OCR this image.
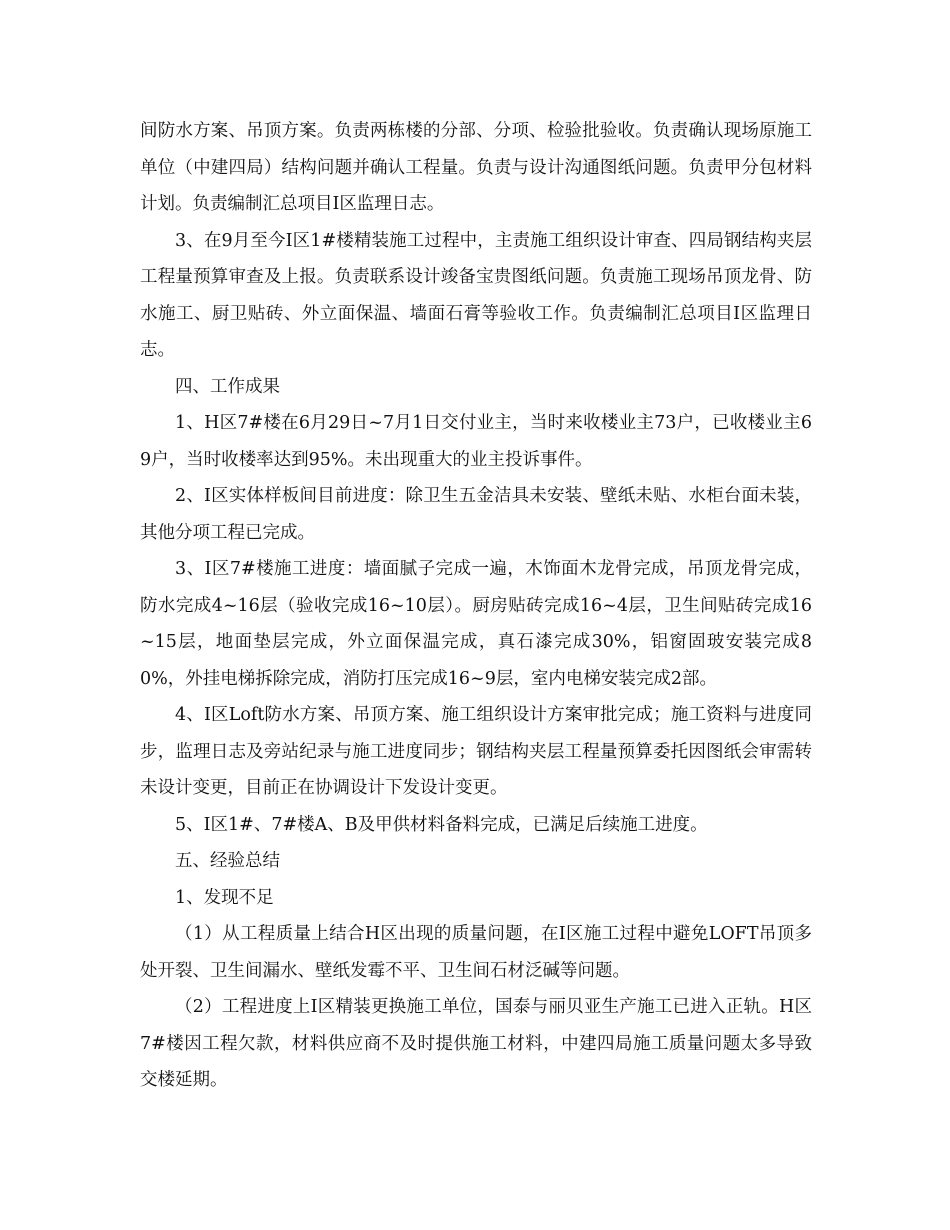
间防水方案、吊顶方案。负责两栋楼的分部、分项、检验批验收。负责确认现场原施工单位（中建四局）结构问题并确认工程量。负责与设计沟通图纸问题。负责甲分包材料计划。负责编制汇总项目Ⅰ区监理日志。

3、在9月至今Ⅰ区1#楼精装施工过程中，主责施工组织设计审查、四局钢结构夹层工程量预算审查及上报。负责联系设计竣备宝贵图纸问题。负责施工现场吊顶龙骨、防水施工、厨卫贴砖、外立面保温、墙面石膏等验收工作。负责编制汇总项目Ⅰ区监理日志。

四、工作成果

1、H区7#楼在6月29日~7月1日交付业主，当时来收楼业主73户，已收楼业主69户，当时收楼率达到95%。未出现重大的业主投诉事件。

2、Ⅰ区实体样板间目前进度：除卫生五金洁具未安装、壁纸未贴、水柜台面未装，其他分项工程已完成。

3、Ⅰ区7#楼施工进度：墙面腻子完成一遍，木饰面木龙骨完成，吊顶龙骨完成，防水完成4~16层（验收完成16~10层）。厨房贴砖完成16~4层，卫生间贴砖完成16~15层，地面垫层完成，外立面保温完成，真石漆完成30%，铝窗固玻安装完成80%，外挂电梯拆除完成，消防打压完成16~9层，室内电梯安装完成2部。

4、Ⅰ区Loft防水方案、吊顶方案、施工组织设计方案审批完成；施工资料与进度同步，监理日志及旁站纪录与施工进度同步；钢结构夹层工程量预算委托因图纸会审需转未设计变更，目前正在协调设计下发设计变更。

5、Ⅰ区1#、7#楼A、B及甲供材料备料完成，已满足后续施工进度。

五、经验总结

1、发现不足

（1）从工程质量上结合H区出现的质量问题，在Ⅰ区施工过程中避免LOFT吊顶多处开裂、卫生间漏水、壁纸发霉不平、卫生间石材泛碱等问题。

（2）工程进度上Ⅰ区精装更换施工单位，国泰与丽贝亚生产施工已进入正轨。H区7#楼因工程欠款，材料供应商不及时提供施工材料，中建四局施工质量问题太多导致交楼延期。
